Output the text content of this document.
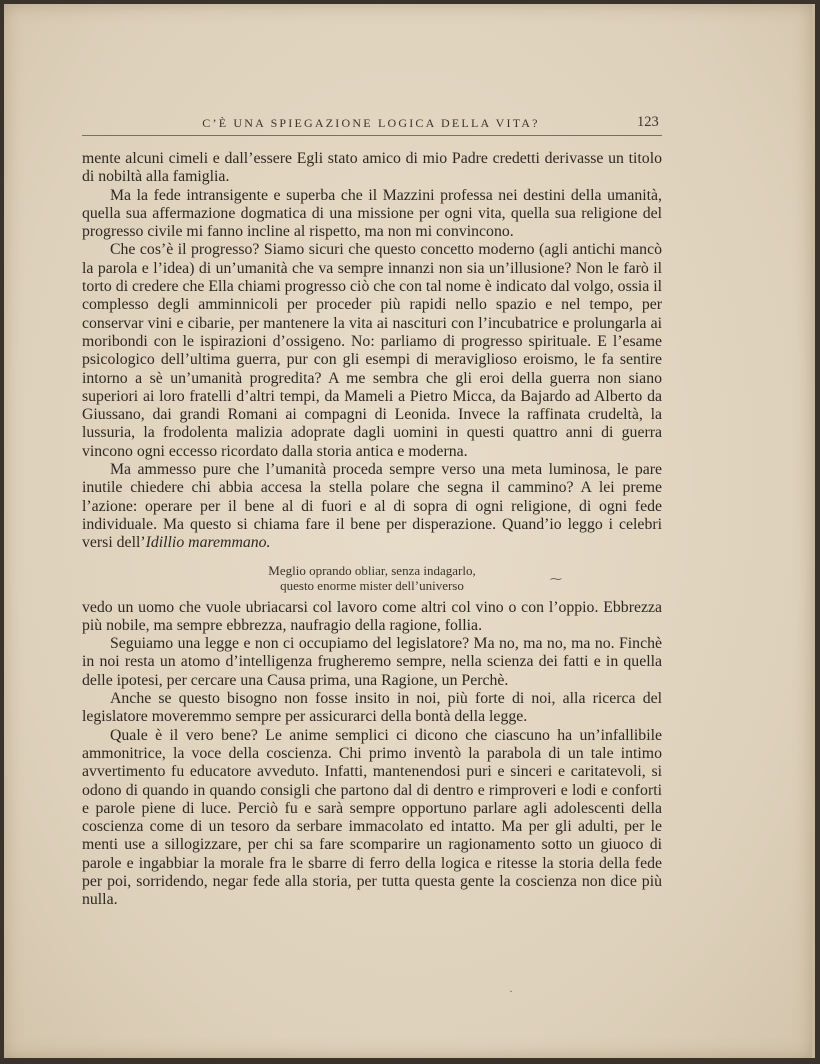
C’È UNA SPIEGAZIONE LOGICA DELLA VITA?	123

mente alcuni cimeli e dall’essere Egli stato amico di mio Padre credetti derivasse un titolo di nobiltà alla famiglia.

Ma la fede intransigente e superba che il Mazzini professa nei destini della umanità, quella sua affermazione dogmatica di una missione per ogni vita, quella sua religione del progresso civile mi fanno incline al rispetto, ma non mi convincono.

Che cos’è il progresso? Siamo sicuri che questo concetto moderno (agli antichi mancò la parola e l’idea) di un’umanità che va sempre innanzi non sia un’illusione? Non le farò il torto di credere che Ella chiami progresso ciò che con tal nome è indicato dal volgo, ossia il complesso degli amminnicoli per proceder più rapidi nello spazio e nel tempo, per conservar vini e cibarie, per mantenere la vita ai nascituri con l’incubatrice e prolungarla ai moribondi con le ispirazioni d’ossigeno. No: parliamo di progresso spirituale. E l’esame psicologico dell’ultima guerra, pur con gli esempi di meraviglioso eroismo, le fa sentire intorno a sè un’umanità progredita? A me sembra che gli eroi della guerra non siano superiori ai loro fratelli d’altri tempi, da Mameli a Pietro Micca, da Bajardo ad Alberto da Giussano, dai grandi Romani ai compagni di Leonida. Invece la raffinata crudeltà, la lussuria, la frodolenta malizia adoprate dagli uomini in questi quattro anni di guerra vincono ogni eccesso ricordato dalla storia antica e moderna.

Ma ammesso pure che l’umanità proceda sempre verso una meta luminosa, le pare inutile chiedere chi abbia accesa la stella polare che segna il cammino? A lei preme l’azione: operare per il bene al di fuori e al di sopra di ogni religione, di ogni fede individuale. Ma questo si chiama fare il bene per disperazione. Quand’io leggo i celebri versi dell’Idillio maremmano.

Meglio oprando obliar, senza indagarlo,
questo enorme mister dell’universo

vedo un uomo che vuole ubriacarsi col lavoro come altri col vino o con l’oppio. Ebbrezza più nobile, ma sempre ebbrezza, naufragio della ragione, follia.

Seguiamo una legge e non ci occupiamo del legislatore? Ma no, ma no, ma no. Finchè in noi resta un atomo d’intelligenza frugheremo sempre, nella scienza dei fatti e in quella delle ipotesi, per cercare una Causa prima, una Ragione, un Perchè.

Anche se questo bisogno non fosse insito in noi, più forte di noi, alla ricerca del legislatore moveremmo sempre per assicurarci della bontà della legge.

Quale è il vero bene? Le anime semplici ci dicono che ciascuno ha un’infallibile ammonitrice, la voce della coscienza. Chi primo inventò la parabola di un tale intimo avvertimento fu educatore avveduto. Infatti, mantenendosi puri e sinceri e caritatevoli, si odono di quando in quando consigli che partono dal di dentro e rimproveri e lodi e conforti e parole piene di luce. Perciò fu e sarà sempre opportuno parlare agli adolescenti della coscienza come di un tesoro da serbare immacolato ed intatto. Ma per gli adulti, per le menti use a sillogizzare, per chi sa fare scomparire un ragionamento sotto un giuoco di parole e ingabbiar la morale fra le sbarre di ferro della logica e ritesse la storia della fede per poi, sorridendo, negar fede alla storia, per tutta questa gente la coscienza non dice più nulla.

⁓
·
